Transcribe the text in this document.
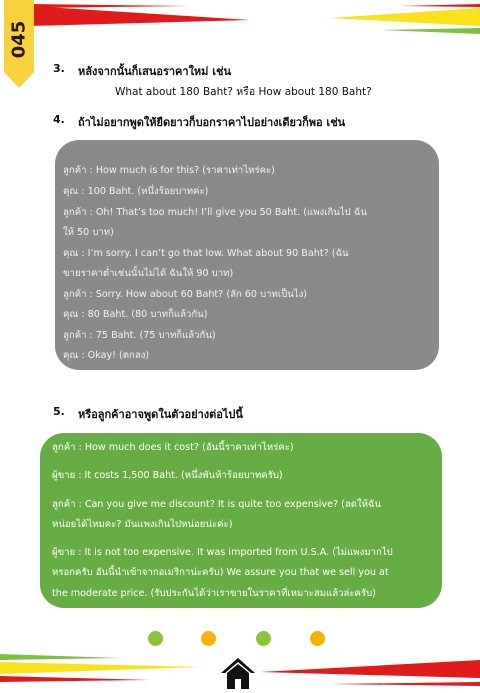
045
3. หลังจากนั้นก็เสนอราคาใหม่ เช่น
What about 180 Baht? หรือ How about 180 Baht?
4. ถ้าไม่อยากพูดให้ยืดยาวก็บอกราคาไปอย่างเดียวก็พอ เช่น
ลูกค้า : How much is for this? (ราคาเท่าไหร่คะ)
คุณ : 100 Baht. (หนึ่งร้อยบาทค่ะ)
ลูกค้า : Oh! That’s too much! I’ll give you 50 Baht. (แพงเกินไป ฉัน
ให้ 50 บาท)
คุณ : I’m sorry. I can’t go that low. What about 90 Baht? (ฉัน
ขายราคาต่ำเช่นนั้นไม่ได้ ฉันให้ 90 บาท)
ลูกค้า : Sorry. How about 60 Baht? (ลัก 60 บาทเป็นไง)
คุณ : 80 Baht. (80 บาทก็แล้วกัน)
ลูกค้า : 75 Baht. (75 บาทก็แล้วกัน)
คุณ : Okay! (ตกลง)
5. หรือลูกค้าอาจพูดในตัวอย่างต่อไปนี้
ลูกค้า : How much does it cost? (อันนี้ราคาเท่าไหร่คะ)
ผู้ขาย : It costs 1,500 Baht. (หนึ่งพันห้าร้อยบาทครับ)
ลูกค้า : Can you give me discount? It is quite too expensive? (ลดให้ฉัน
หน่อยได้ไหมคะ? มันแพงเกินไปหน่อยน่ะค่ะ)
ผู้ขาย : It is not too expensive. It was imported from U.S.A. (ไม่แพงมากไป
หรอกครับ อันนี้นำเข้าจากอเมริกาน่ะครับ) We assure you that we sell you at
the moderate price. (รับประกันได้ว่าเราขายในราคาที่เหมาะสมแล้วล่ะครับ)
